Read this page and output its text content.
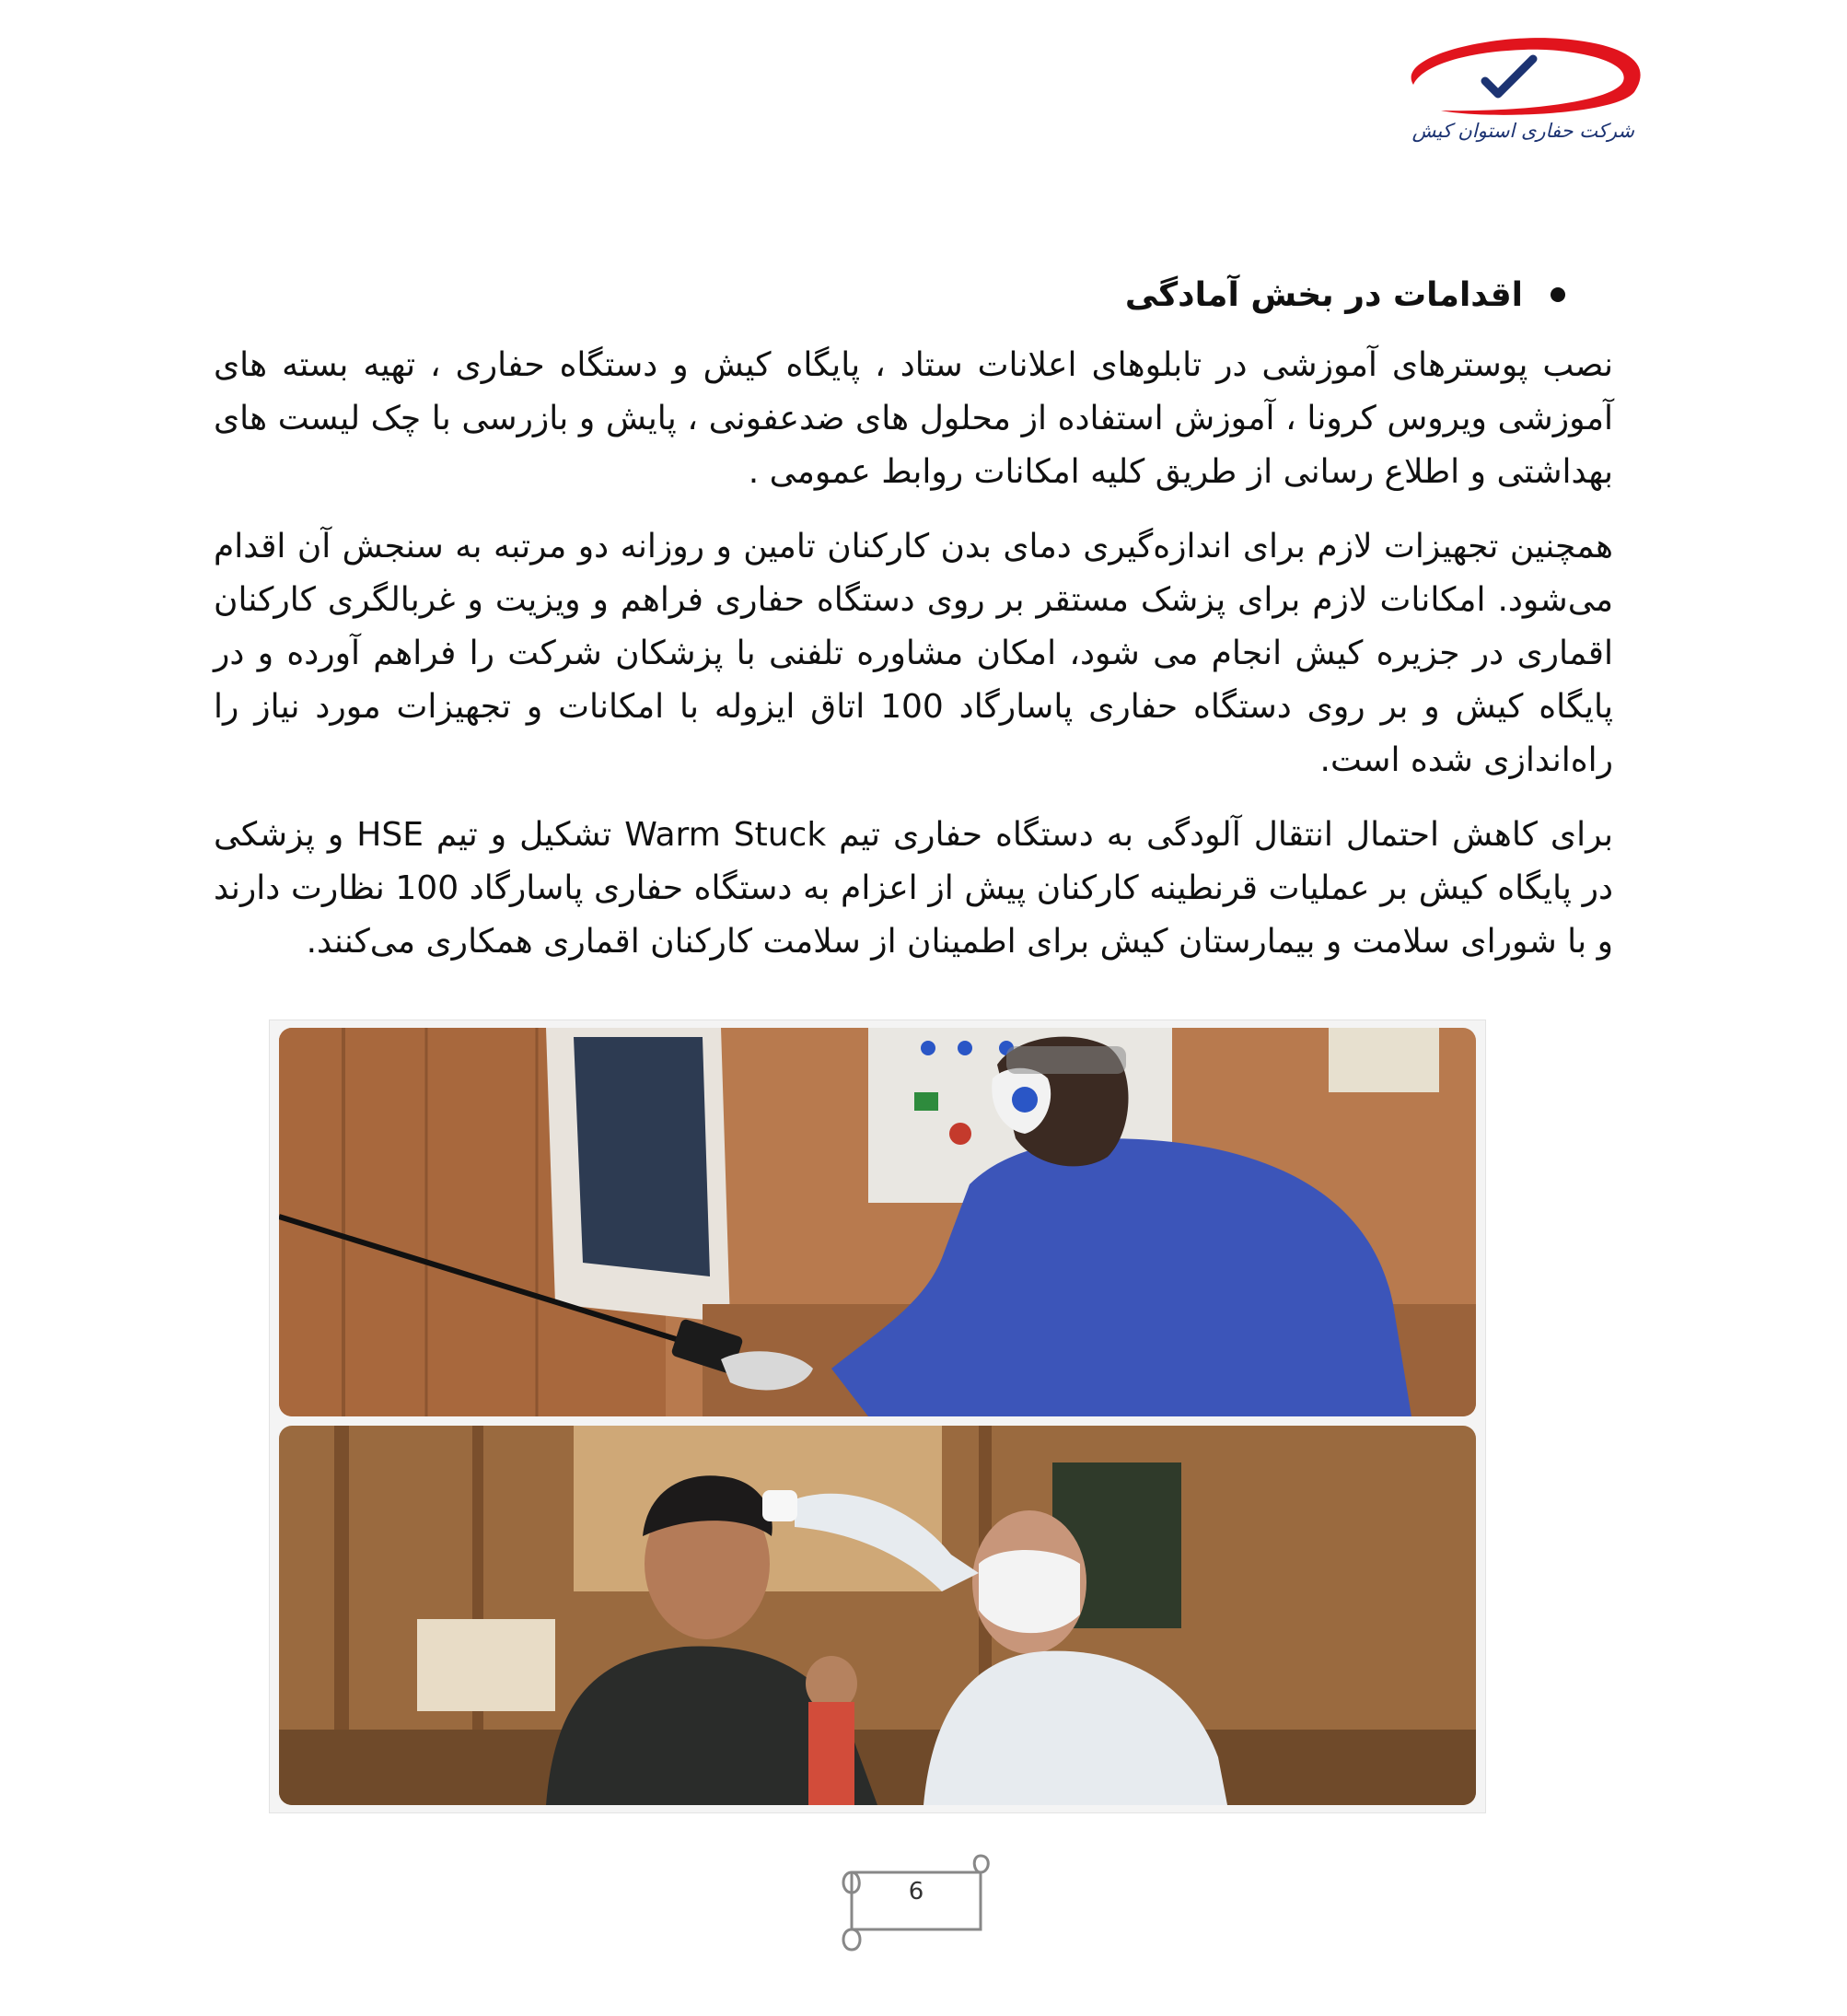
شرکت حفاری استوان کیش
اقدامات در بخش آمادگی
نصب پوسترهای آموزشی در تابلوهای اعلانات ستاد ، پایگاه کیش و دستگاه حفاری ، تهیه بسته های آموزشی ویروس کرونا ، آموزش استفاده از محلول های ضدعفونی ، پایش و بازرسی با چک لیست های بهداشتی و اطلاع رسانی از طریق کلیه امکانات روابط عمومی .
همچنین تجهیزات لازم برای اندازه‌گیری دمای بدن کارکنان تامین و روزانه دو مرتبه به سنجش آن اقدام می‌شود. امکانات لازم برای پزشک مستقر بر روی دستگاه حفاری فراهم و ویزیت و غربالگری کارکنان اقماری در جزیره کیش انجام می شود، امکان مشاوره تلفنی با پزشکان شرکت را فراهم آورده و در پایگاه کیش و بر روی دستگاه حفاری پاسارگاد 100 اتاق ایزوله با امکانات و تجهیزات مورد نیاز را راه‌اندازی شده است.
برای کاهش احتمال انتقال آلودگی به دستگاه حفاری تیم Warm Stuck تشکیل و تیم HSE و پزشکی در پایگاه کیش بر عملیات قرنطینه کارکنان پیش از اعزام به دستگاه حفاری پاسارگاد 100 نظارت دارند و با شورای سلامت و بیمارستان کیش برای اطمینان از سلامت کارکنان اقماری همکاری می‌کنند.
6
